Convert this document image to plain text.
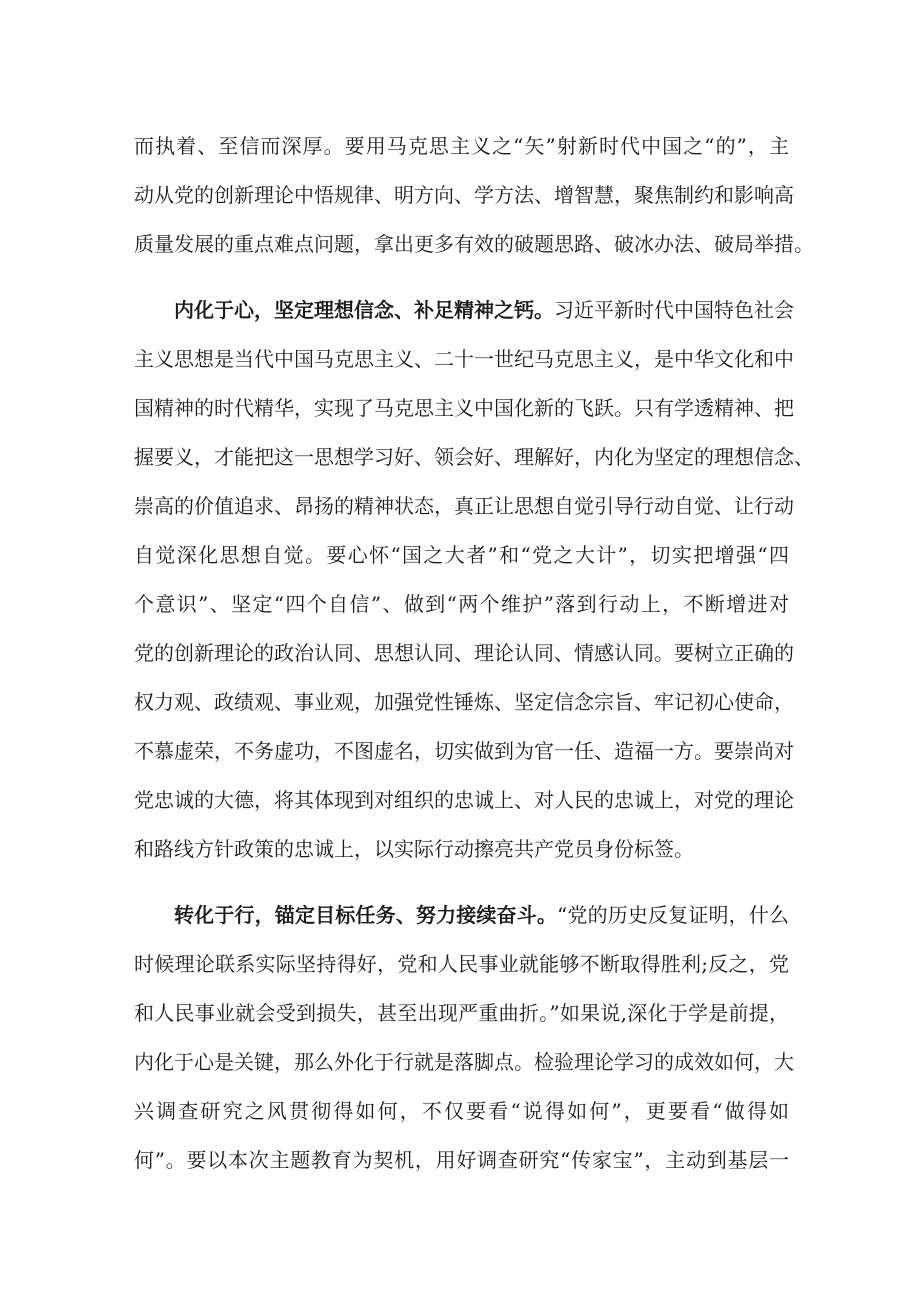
而执着、至信而深厚。要用马克思主义之“矢”射新时代中国之“的”，主
动从党的创新理论中悟规律、明方向、学方法、增智慧，聚焦制约和影响高
质量发展的重点难点问题，拿出更多有效的破题思路、破冰办法、破局举措。
内化于心，坚定理想信念、补足精神之钙。习近平新时代中国特色社会
主义思想是当代中国马克思主义、二十一世纪马克思主义，是中华文化和中
国精神的时代精华，实现了马克思主义中国化新的飞跃。只有学透精神、把
握要义，才能把这一思想学习好、领会好、理解好，内化为坚定的理想信念、
崇高的价值追求、昂扬的精神状态，真正让思想自觉引导行动自觉、让行动
自觉深化思想自觉。要心怀“国之大者”和“党之大计”，切实把增强“四
个意识”、坚定“四个自信”、做到“两个维护”落到行动上，不断增进对
党的创新理论的政治认同、思想认同、理论认同、情感认同。要树立正确的
权力观、政绩观、事业观，加强党性锤炼、坚定信念宗旨、牢记初心使命，
不慕虚荣，不务虚功，不图虚名，切实做到为官一任、造福一方。要崇尚对
党忠诚的大德，将其体现到对组织的忠诚上、对人民的忠诚上，对党的理论
和路线方针政策的忠诚上，以实际行动擦亮共产党员身份标签。
转化于行，锚定目标任务、努力接续奋斗。“党的历史反复证明，什么
时候理论联系实际坚持得好，党和人民事业就能够不断取得胜利;反之，党
和人民事业就会受到损失，甚至出现严重曲折。”如果说,深化于学是前提，
内化于心是关键，那么外化于行就是落脚点。检验理论学习的成效如何，大
兴调查研究之风贯彻得如何，不仅要看“说得如何”，更要看“做得如
何”。要以本次主题教育为契机，用好调查研究“传家宝”，主动到基层一
